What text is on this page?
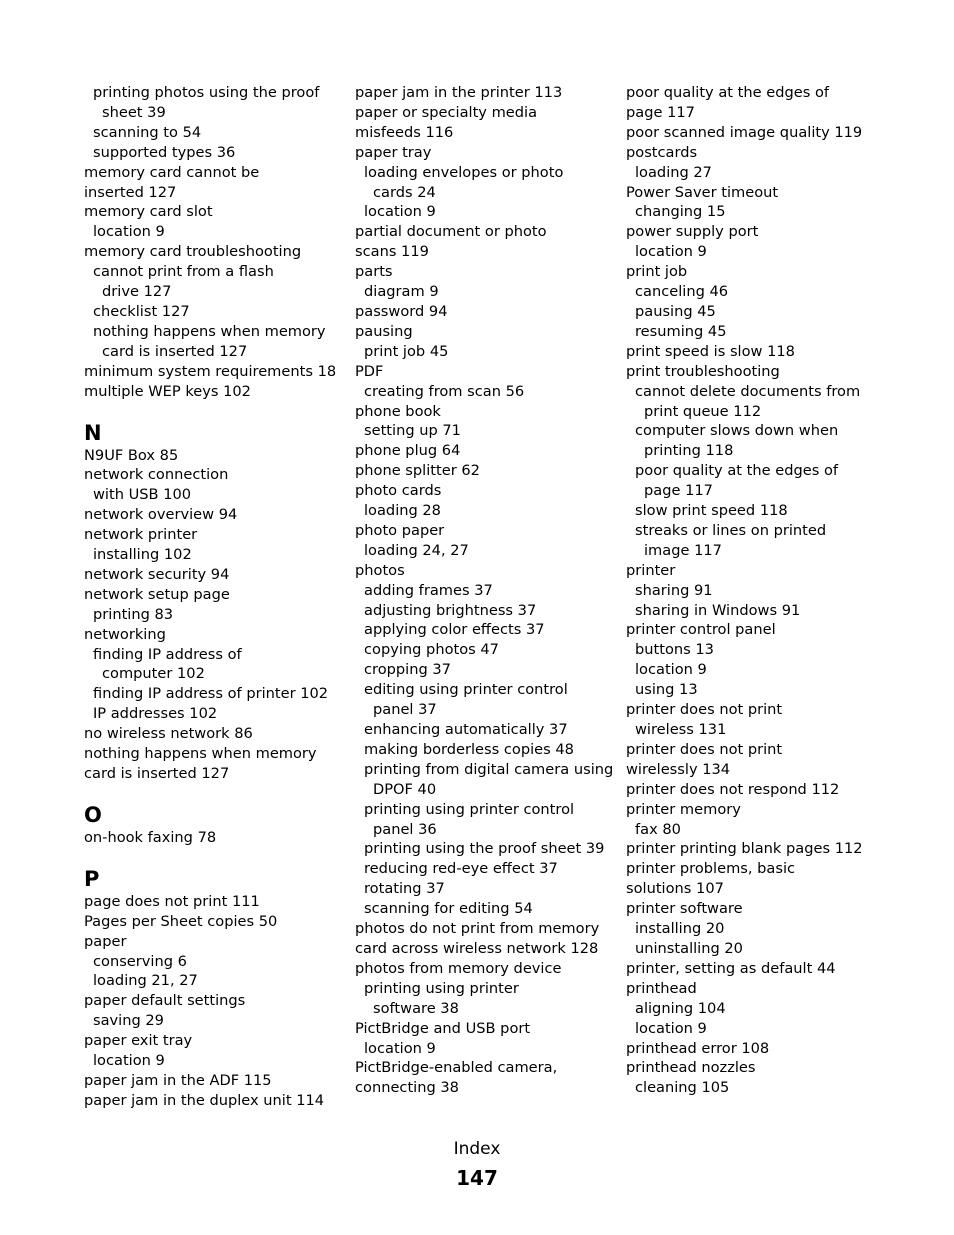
printing photos using the proof
sheet 39
scanning to 54
supported types 36
memory card cannot be
inserted 127
memory card slot
location 9
memory card troubleshooting
cannot print from a flash
drive 127
checklist 127
nothing happens when memory
card is inserted 127
minimum system requirements 18
multiple WEP keys 102
N
N9UF Box 85
network connection
with USB 100
network overview 94
network printer
installing 102
network security 94
network setup page
printing 83
networking
finding IP address of
computer 102
finding IP address of printer 102
IP addresses 102
no wireless network 86
nothing happens when memory
card is inserted 127
O
on-hook faxing 78
P
page does not print 111
Pages per Sheet copies 50
paper
conserving 6
loading 21, 27
paper default settings
saving 29
paper exit tray
location 9
paper jam in the ADF 115
paper jam in the duplex unit 114
paper jam in the printer 113
paper or specialty media
misfeeds 116
paper tray
loading envelopes or photo
cards 24
location 9
partial document or photo
scans 119
parts
diagram 9
password 94
pausing
print job 45
PDF
creating from scan 56
phone book
setting up 71
phone plug 64
phone splitter 62
photo cards
loading 28
photo paper
loading 24, 27
photos
adding frames 37
adjusting brightness 37
applying color effects 37
copying photos 47
cropping 37
editing using printer control
panel 37
enhancing automatically 37
making borderless copies 48
printing from digital camera using
DPOF 40
printing using printer control
panel 36
printing using the proof sheet 39
reducing red-eye effect 37
rotating 37
scanning for editing 54
photos do not print from memory
card across wireless network 128
photos from memory device
printing using printer
software 38
PictBridge and USB port
location 9
PictBridge-enabled camera,
connecting 38
poor quality at the edges of
page 117
poor scanned image quality 119
postcards
loading 27
Power Saver timeout
changing 15
power supply port
location 9
print job
canceling 46
pausing 45
resuming 45
print speed is slow 118
print troubleshooting
cannot delete documents from
print queue 112
computer slows down when
printing 118
poor quality at the edges of
page 117
slow print speed 118
streaks or lines on printed
image 117
printer
sharing 91
sharing in Windows 91
printer control panel
buttons 13
location 9
using 13
printer does not print
wireless 131
printer does not print
wirelessly 134
printer does not respond 112
printer memory
fax 80
printer printing blank pages 112
printer problems, basic
solutions 107
printer software
installing 20
uninstalling 20
printer, setting as default 44
printhead
aligning 104
location 9
printhead error 108
printhead nozzles
cleaning 105
Index
147
